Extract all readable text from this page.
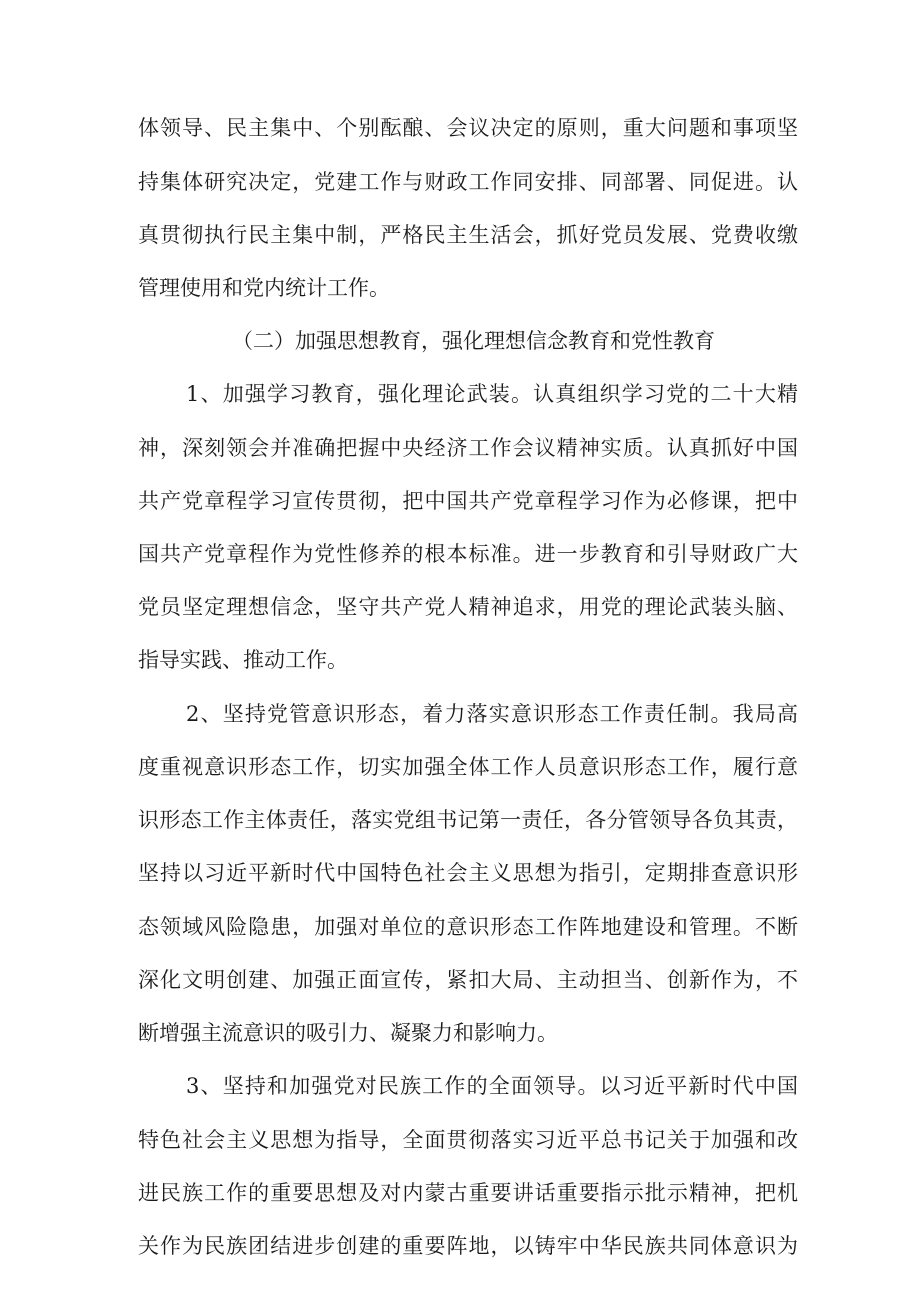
体领导、民主集中、个别酝酿、会议决定的原则，重大问题和事项坚
持集体研究决定，党建工作与财政工作同安排、同部署、同促进。认
真贯彻执行民主集中制，严格民主生活会，抓好党员发展、党费收缴
管理使用和党内统计工作。
（二）加强思想教育，强化理想信念教育和党性教育
1、加强学习教育，强化理论武装。认真组织学习党的二十大精
神，深刻领会并准确把握中央经济工作会议精神实质。认真抓好中国
共产党章程学习宣传贯彻，把中国共产党章程学习作为必修课，把中
国共产党章程作为党性修养的根本标准。进一步教育和引导财政广大
党员坚定理想信念，坚守共产党人精神追求，用党的理论武装头脑、
指导实践、推动工作。
2、坚持党管意识形态，着力落实意识形态工作责任制。我局高
度重视意识形态工作，切实加强全体工作人员意识形态工作，履行意
识形态工作主体责任，落实党组书记第一责任，各分管领导各负其责，
坚持以习近平新时代中国特色社会主义思想为指引，定期排查意识形
态领域风险隐患，加强对单位的意识形态工作阵地建设和管理。不断
深化文明创建、加强正面宣传，紧扣大局、主动担当、创新作为，不
断增强主流意识的吸引力、凝聚力和影响力。
3、坚持和加强党对民族工作的全面领导。以习近平新时代中国
特色社会主义思想为指导，全面贯彻落实习近平总书记关于加强和改
进民族工作的重要思想及对内蒙古重要讲话重要指示批示精神，把机
关作为民族团结进步创建的重要阵地，以铸牢中华民族共同体意识为
